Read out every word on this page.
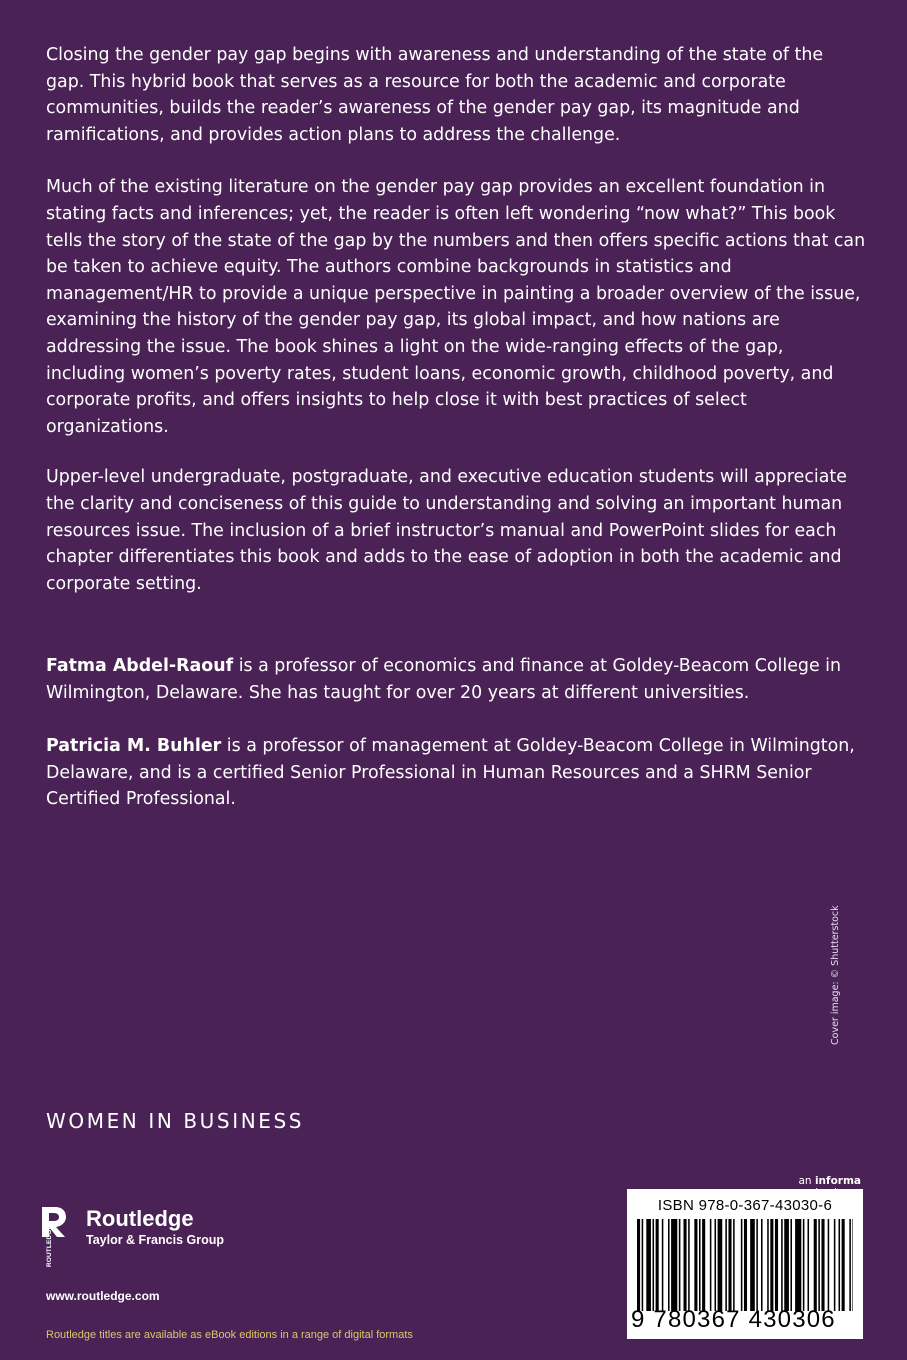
Closing the gender pay gap begins with awareness and understanding of the state of the gap. This hybrid book that serves as a resource for both the academic and corporate communities, builds the reader’s awareness of the gender pay gap, its magnitude and ramifications, and provides action plans to address the challenge.

Much of the existing literature on the gender pay gap provides an excellent foundation in stating facts and inferences; yet, the reader is often left wondering “now what?” This book tells the story of the state of the gap by the numbers and then offers specific actions that can be taken to achieve equity. The authors combine backgrounds in statistics and management/HR to provide a unique perspective in painting a broader overview of the issue, examining the history of the gender pay gap, its global impact, and how nations are addressing the issue. The book shines a light on the wide-ranging effects of the gap, including women’s poverty rates, student loans, economic growth, childhood poverty, and corporate profits, and offers insights to help close it with best practices of select organizations.

Upper-level undergraduate, postgraduate, and executive education students will appreciate the clarity and conciseness of this guide to understanding and solving an important human resources issue. The inclusion of a brief instructor’s manual and PowerPoint slides for each chapter differentiates this book and adds to the ease of adoption in both the academic and corporate setting.

Fatma Abdel-Raouf is a professor of economics and finance at Goldey-Beacom College in Wilmington, Delaware. She has taught for over 20 years at different universities.

Patricia M. Buhler is a professor of management at Goldey-Beacom College in Wilmington, Delaware, and is a certified Senior Professional in Human Resources and a SHRM Senior Certified Professional.

Cover image: © Shutterstock
WOMEN IN BUSINESS
an informa
ROUTLEDGE
Routledge
Taylor & Francis Group
www.routledge.com
Routledge titles are available as eBook editions in a range of digital formats
ISBN 978-0-367-43030-6
9 780367 430306
